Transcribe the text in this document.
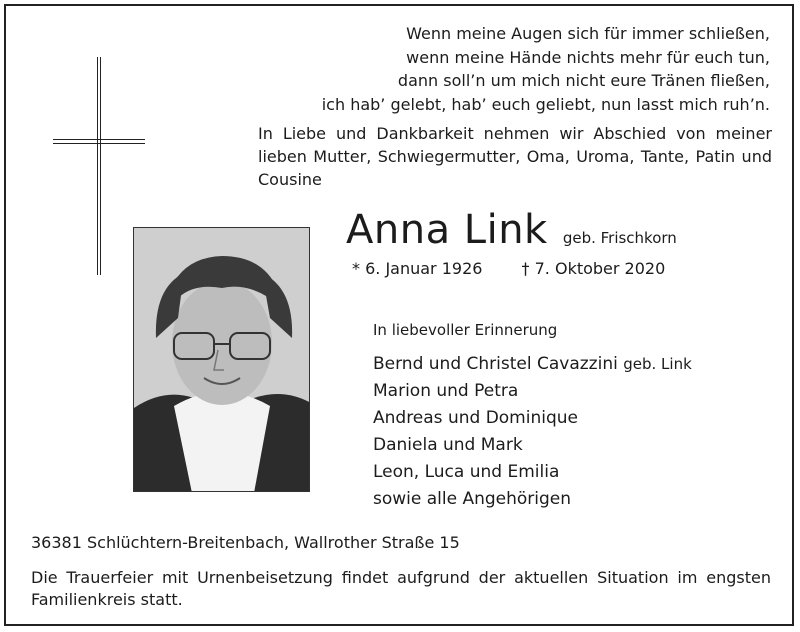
Wenn meine Augen sich für immer schließen,
wenn meine Hände nichts mehr für euch tun,
dann soll’n um mich nicht eure Tränen fließen,
ich hab’ gelebt, hab’ euch geliebt, nun lasst mich ruh’n.
In Liebe und Dankbarkeit nehmen wir Abschied von meiner lieben Mutter, Schwiegermutter, Oma, Uroma, Tante, Patin und Cousine
Anna Link geb. Frischkorn
* 6. Januar 1926 † 7. Oktober 2020
In liebevoller Erinnerung
Bernd und Christel Cavazzini geb. Link
Marion und Petra
Andreas und Dominique
Daniela und Mark
Leon, Luca und Emilia
sowie alle Angehörigen
36381 Schlüchtern-Breitenbach, Wallrother Straße 15
Die Trauerfeier mit Urnenbeisetzung findet aufgrund der aktuellen Situation im engsten Familienkreis statt.
